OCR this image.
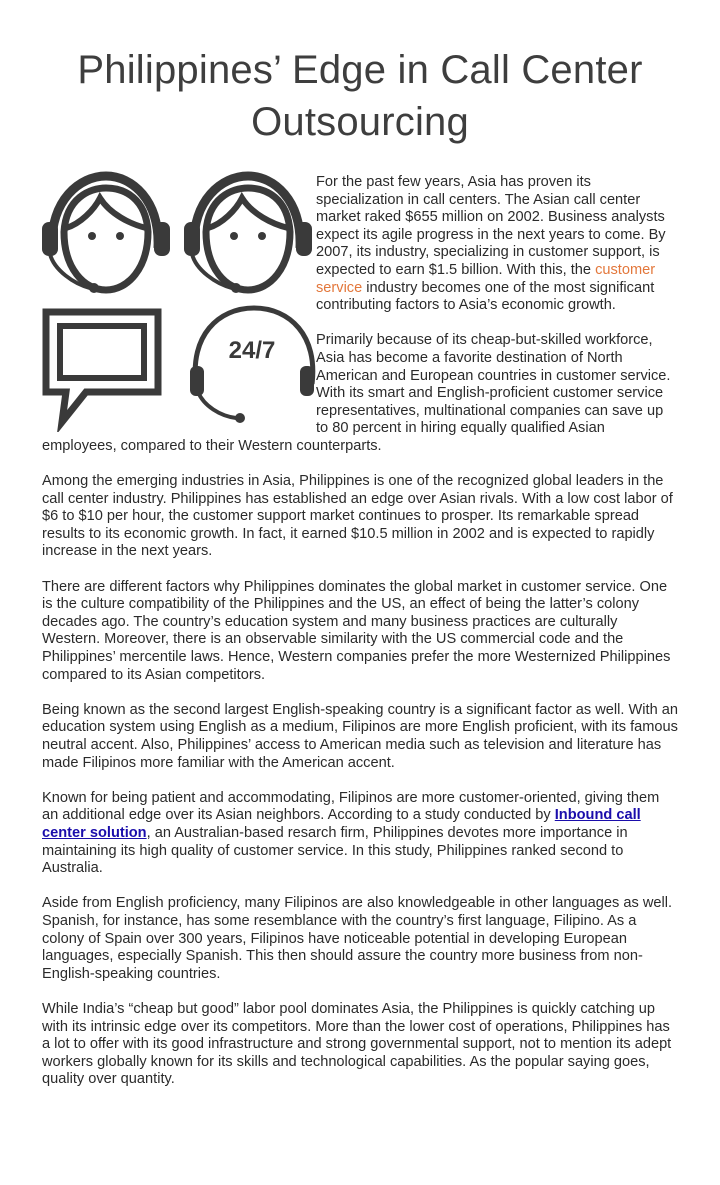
Philippines’ Edge in Call Center
Outsourcing
24/7

For the past few years, Asia has proven its specialization in call centers. The Asian call center market raked $655 million on 2002. Business analysts expect its agile progress in the next years to come. By 2007, its industry, specializing in customer support, is expected to earn $1.5 billion. With this, the customer service industry becomes one of the most significant contributing factors to Asia’s economic growth.

Primarily because of its cheap-but-skilled workforce, Asia has become a favorite destination of North American and European countries in customer service. With its smart and English-proficient customer service representatives, multinational companies can save up to 80 percent in hiring equally qualified Asian employees, compared to their Western counterparts.

Among the emerging industries in Asia, Philippines is one of the recognized global leaders in the call center industry. Philippines has established an edge over Asian rivals. With a low cost labor of $6 to $10 per hour, the customer support market continues to prosper. Its remarkable spread results to its economic growth. In fact, it earned $10.5 million in 2002 and is expected to rapidly increase in the next years.

There are different factors why Philippines dominates the global market in customer service. One is the culture compatibility of the Philippines and the US, an effect of being the latter’s colony decades ago. The country’s education system and many business practices are culturally Western. Moreover, there is an observable similarity with the US commercial code and the Philippines’ mercentile laws. Hence, Western companies prefer the more Westernized Philippines compared to its Asian competitors.

Being known as the second largest English-speaking country is a significant factor as well. With an education system using English as a medium, Filipinos are more English proficient, with its famous neutral accent. Also, Philippines’ access to American media such as television and literature has made Filipinos more familiar with the American accent.

Known for being patient and accommodating, Filipinos are more customer-oriented, giving them an additional edge over its Asian neighbors. According to a study conducted by Inbound call center solution, an Australian-based resarch firm, Philippines devotes more importance in maintaining its high quality of customer service. In this study, Philippines ranked second to Australia.

Aside from English proficiency, many Filipinos are also knowledgeable in other languages as well. Spanish, for instance, has some resemblance with the country’s first language, Filipino. As a colony of Spain over 300 years, Filipinos have noticeable potential in developing European languages, especially Spanish. This then should assure the country more business from non-English-speaking countries.

While India’s “cheap but good” labor pool dominates Asia, the Philippines is quickly catching up with its intrinsic edge over its competitors. More than the lower cost of operations, Philippines has a lot to offer with its good infrastructure and strong governmental support, not to mention its adept workers globally known for its skills and technological capabilities. As the popular saying goes, quality over quantity.
